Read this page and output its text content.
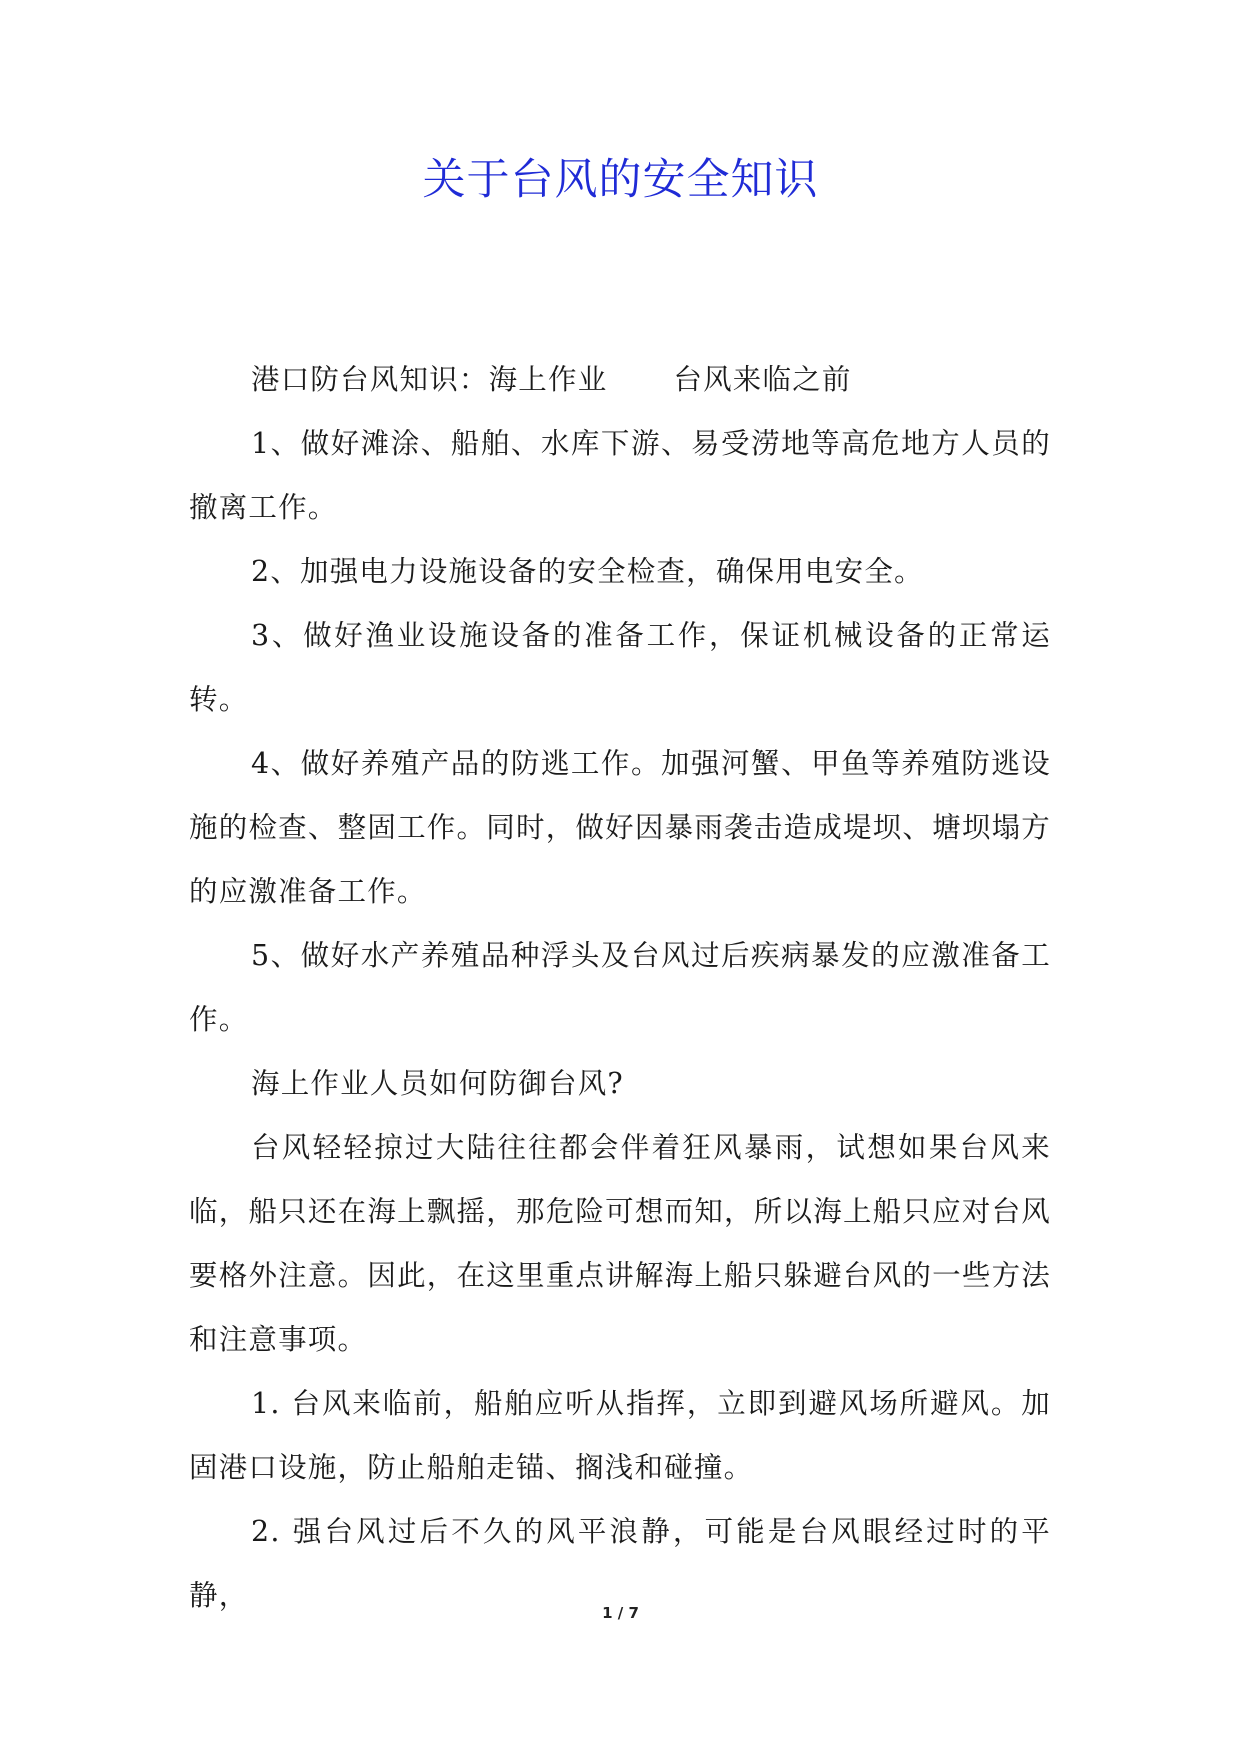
关于台风的安全知识

港口防台风知识：海上作业 台风来临之前

1、做好滩涂、船舶、水库下游、易受涝地等高危地方人员的撤离工作。

2、加强电力设施设备的安全检查，确保用电安全。

3、做好渔业设施设备的准备工作，保证机械设备的正常运转。

4、做好养殖产品的防逃工作。加强河蟹、甲鱼等养殖防逃设施的检查、整固工作。同时，做好因暴雨袭击造成堤坝、塘坝塌方的应激准备工作。

5、做好水产养殖品种浮头及台风过后疾病暴发的应激准备工作。

海上作业人员如何防御台风?

台风轻轻掠过大陆往往都会伴着狂风暴雨，试想如果台风来临，船只还在海上飘摇，那危险可想而知，所以海上船只应对台风要格外注意。因此，在这里重点讲解海上船只躲避台风的一些方法和注意事项。

1. 台风来临前，船舶应听从指挥，立即到避风场所避风。加固港口设施，防止船舶走锚、搁浅和碰撞。

2. 强台风过后不久的风平浪静，可能是台风眼经过时的平静，

1 / 7
